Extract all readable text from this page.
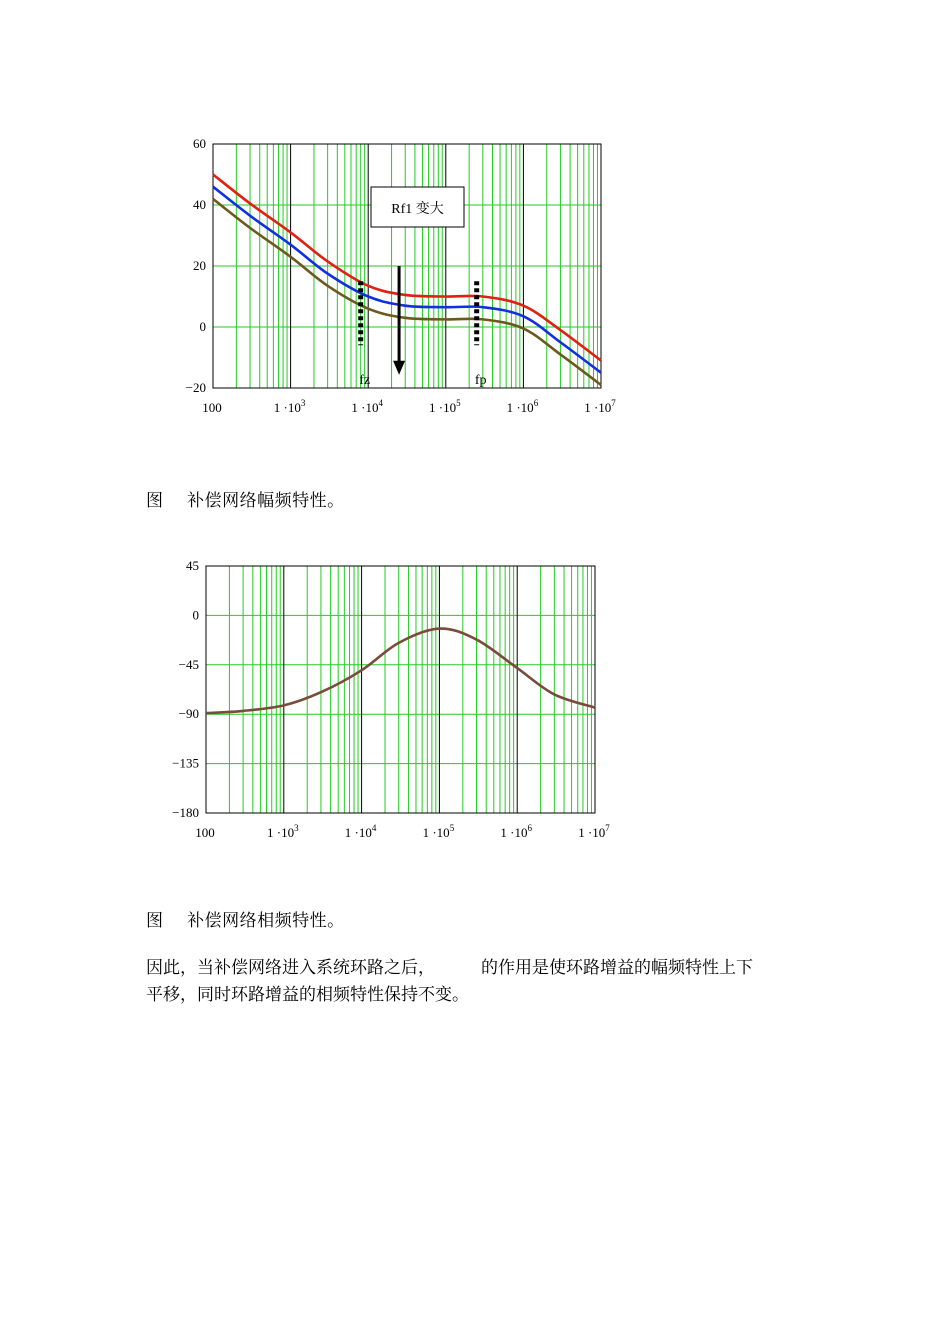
60
40
20
0
−20
100	$1 \cdot 10^3$	$1 \cdot 10^4$	$1 \cdot 10^5$	$1 \cdot 10^6$	$1 \cdot 10^7$
Rf1 变大
fz	fp
45
0
−45
−90
−135
−180
100	$1 \cdot 10^3$	$1 \cdot 10^4$	$1 \cdot 10^5$	$1 \cdot 10^6$	$1 \cdot 10^7$
图    补偿网络幅频特性。
图    补偿网络相频特性。

因此，当补偿网络进入系统环路之后，	的作用是使环路增益的幅频特性上下

平移，同时环路增益的相频特性保持不变。
